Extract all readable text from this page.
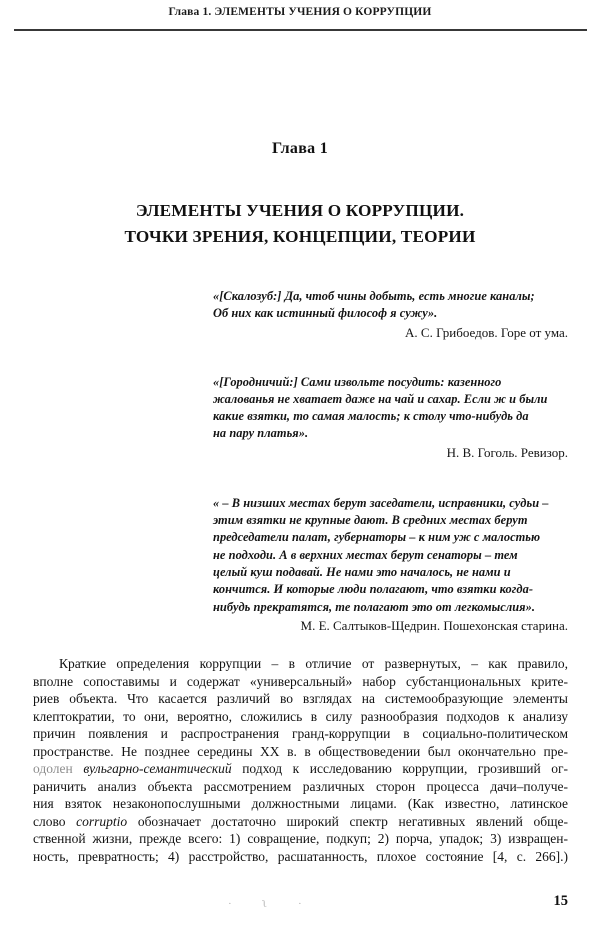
Глава 1. ЭЛЕМЕНТЫ УЧЕНИЯ О КОРРУПЦИИ
Глава 1
ЭЛЕМЕНТЫ УЧЕНИЯ О КОРРУПЦИИ.
ТОЧКИ ЗРЕНИЯ, КОНЦЕПЦИИ, ТЕОРИИ
«[Скалозуб:] Да, чтоб чины добыть, есть многие каналы;
Об них как истинный философ я сужу».
А. С. Грибоедов. Горе от ума.
«[Городничий:] Сами извольте посудить: казенного
жалованья не хватает даже на чай и сахар. Если ж и были
какие взятки, то самая малость; к столу что-нибудь да
на пару платья».
Н. В. Гоголь. Ревизор.
« – В низших местах берут заседатели, исправники, судьи –
этим взятки не крупные дают. В средних местах берут
председатели палат, губернаторы – к ним уж с малостью
не подходи. А в верхних местах берут сенаторы – тем
целый куш подавай. Не нами это началось, не нами и
кончится. И которые люди полагают, что взятки когда-
нибудь прекратятся, те полагают это от легкомыслия».
М. Е. Салтыков-Щедрин. Пошехонская старина.

Краткие определения коррупции – в отличие от развернутых, – как правило,
вполне сопоставимы и содержат «универсальный» набор субстанциональных крите-
риев объекта. Что касается различий во взглядах на системообразующие элементы
клептократии, то они, вероятно, сложились в силу разнообразия подходов к анализу
причин появления и распространения гранд-коррупции в социально-политическом
пространстве. Не позднее середины XX в. в обществоведении был окончательно пре-
одолен вульгарно-семантический подход к исследованию коррупции, грозивший ог-
раничить анализ объекта рассмотрением различных сторон процесса дачи–получе-
ния взяток незаконопослушными должностными лицами. (Как известно, латинское
слово corruptio обозначает достаточно широкий спектр негативных явлений обще-
ственной жизни, прежде всего: 1) совращение, подкуп; 2) порча, упадок; 3) извращен-
ность, превратность; 4) расстройство, расшатанность, плохое состояние [4, с. 266].)

· ʅ ·	15
